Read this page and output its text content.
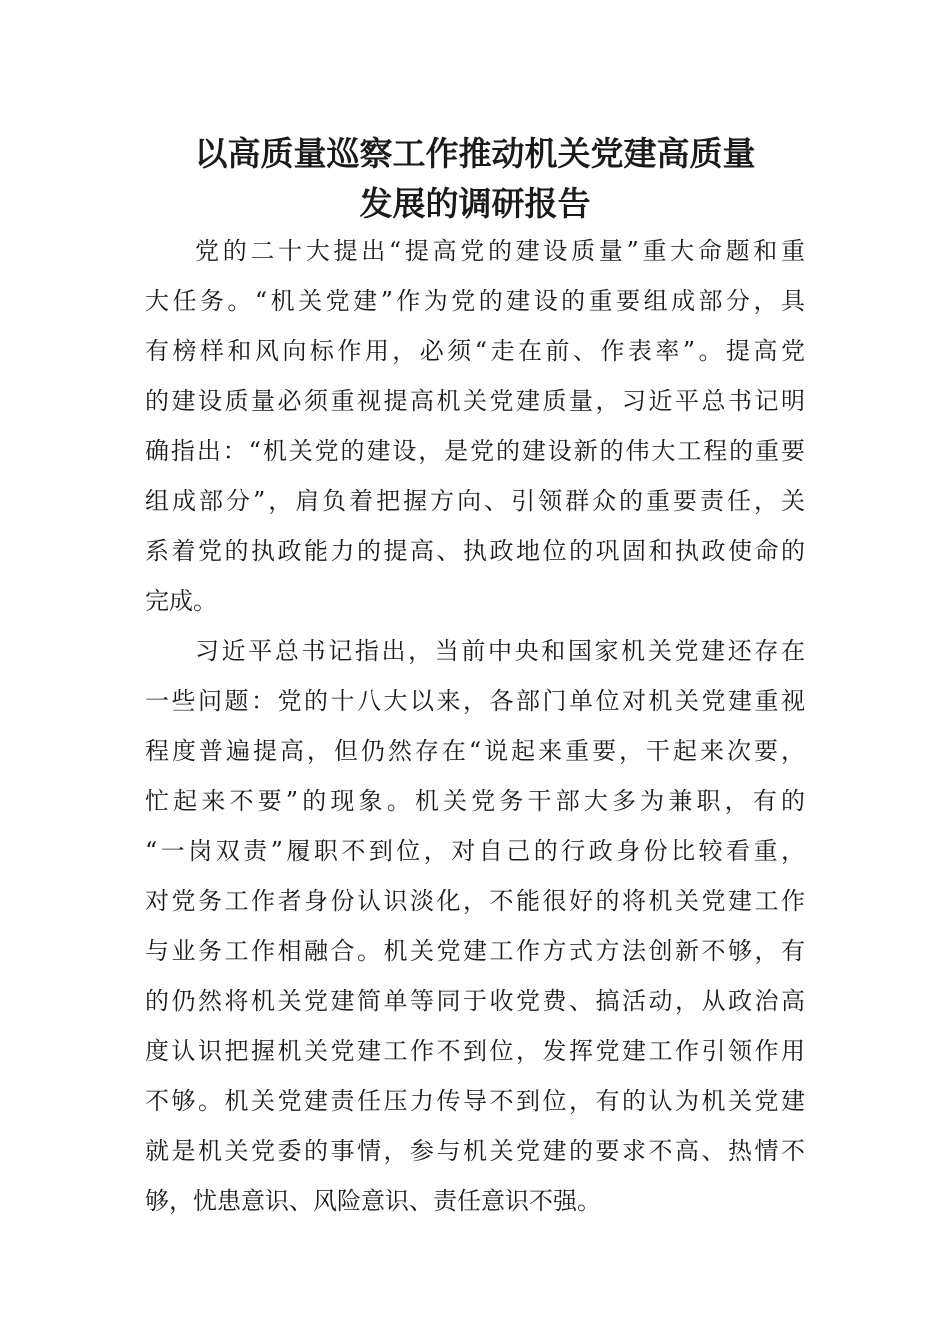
以高质量巡察工作推动机关党建高质量
发展的调研报告
党的二十大提出“提高党的建设质量”重大命题和重
大任务。“机关党建”作为党的建设的重要组成部分，具
有榜样和风向标作用，必须“走在前、作表率”。提高党
的建设质量必须重视提高机关党建质量，习近平总书记明
确指出：“机关党的建设，是党的建设新的伟大工程的重要
组成部分”，肩负着把握方向、引领群众的重要责任，关
系着党的执政能力的提高、执政地位的巩固和执政使命的
完成。
习近平总书记指出，当前中央和国家机关党建还存在
一些问题：党的十八大以来，各部门单位对机关党建重视
程度普遍提高，但仍然存在“说起来重要，干起来次要，
忙起来不要”的现象。机关党务干部大多为兼职，有的
“一岗双责”履职不到位，对自己的行政身份比较看重，
对党务工作者身份认识淡化，不能很好的将机关党建工作
与业务工作相融合。机关党建工作方式方法创新不够，有
的仍然将机关党建简单等同于收党费、搞活动，从政治高
度认识把握机关党建工作不到位，发挥党建工作引领作用
不够。机关党建责任压力传导不到位，有的认为机关党建
就是机关党委的事情，参与机关党建的要求不高、热情不
够，忧患意识、风险意识、责任意识不强。
